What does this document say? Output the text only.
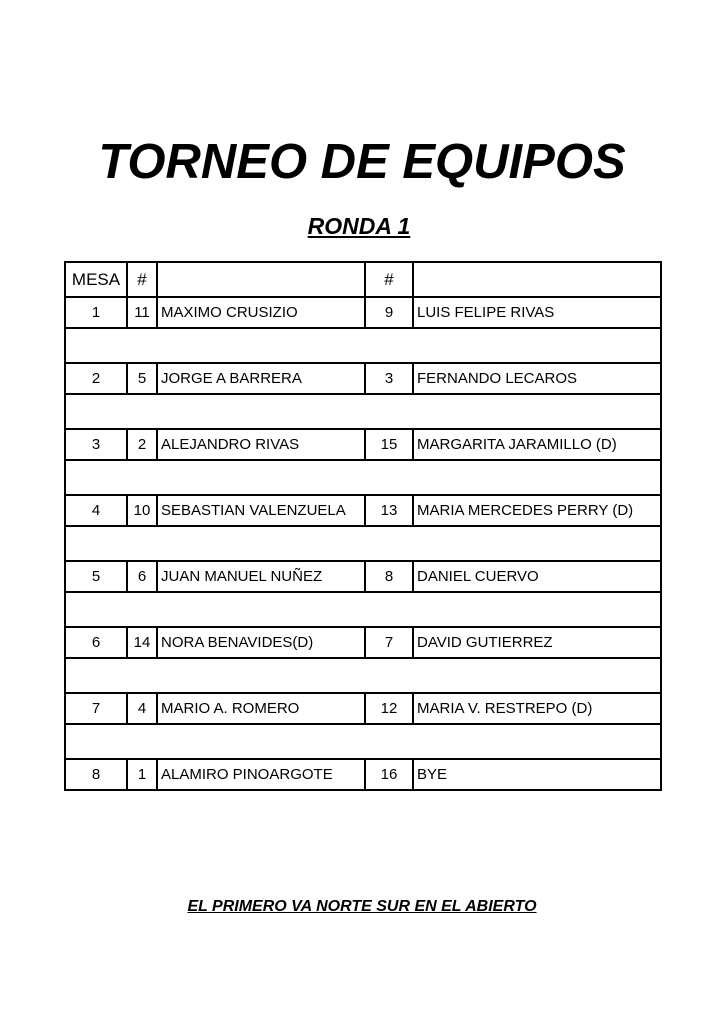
TORNEO DE EQUIPOS
RONDA 1
MESA	#		#	
1	11	MAXIMO CRUSIZIO	9	LUIS FELIPE RIVAS

2	5	JORGE A BARRERA	3	FERNANDO LECAROS

3	2	ALEJANDRO RIVAS	15	MARGARITA JARAMILLO (D)

4	10	SEBASTIAN VALENZUELA	13	MARIA MERCEDES PERRY (D)

5	6	JUAN MANUEL NUÑEZ	8	DANIEL CUERVO

6	14	NORA BENAVIDES(D)	7	DAVID GUTIERREZ

7	4	MARIO A. ROMERO	12	MARIA V. RESTREPO (D)

8	1	ALAMIRO PINOARGOTE	16	BYE
EL PRIMERO VA NORTE SUR EN EL ABIERTO
